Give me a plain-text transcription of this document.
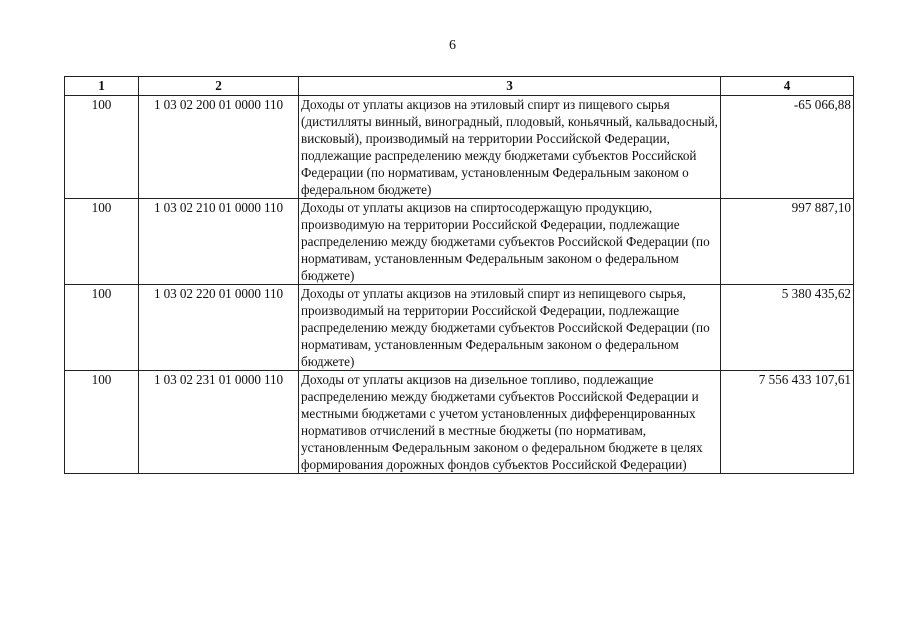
6
1	2	3	4
100	1 03 02 200 01 0000 110	Доходы от уплаты акцизов на этиловый спирт из пищевого сырья (дистилляты винный, виноградный, плодовый, коньячный, кальвадосный, висковый), производимый на территории Российской Федерации, подлежащие распределению между бюджетами субъектов Российской Федерации (по нормативам, установленным Федеральным законом о федеральном бюджете)	-65 066,88
100	1 03 02 210 01 0000 110	Доходы от уплаты акцизов на спиртосодержащую продукцию, производимую на территории Российской Федерации, подлежащие распределению между бюджетами субъектов Российской Федерации (по нормативам, установленным Федеральным законом о федеральном бюджете)	997 887,10
100	1 03 02 220 01 0000 110	Доходы от уплаты акцизов на этиловый спирт из непищевого сырья, производимый на территории Российской Федерации, подлежащие распределению между бюджетами субъектов Российской Федерации (по нормативам, установленным Федеральным законом о федеральном бюджете)	5 380 435,62
100	1 03 02 231 01 0000 110	Доходы от уплаты акцизов на дизельное топливо, подлежащие распределению между бюджетами субъектов Российской Федерации и местными бюджетами с учетом установленных дифференцированных нормативов отчислений в местные бюджеты (по нормативам, установленным Федеральным законом о федеральном бюджете в целях формирования дорожных фондов субъектов Российской Федерации)	7 556 433 107,61
